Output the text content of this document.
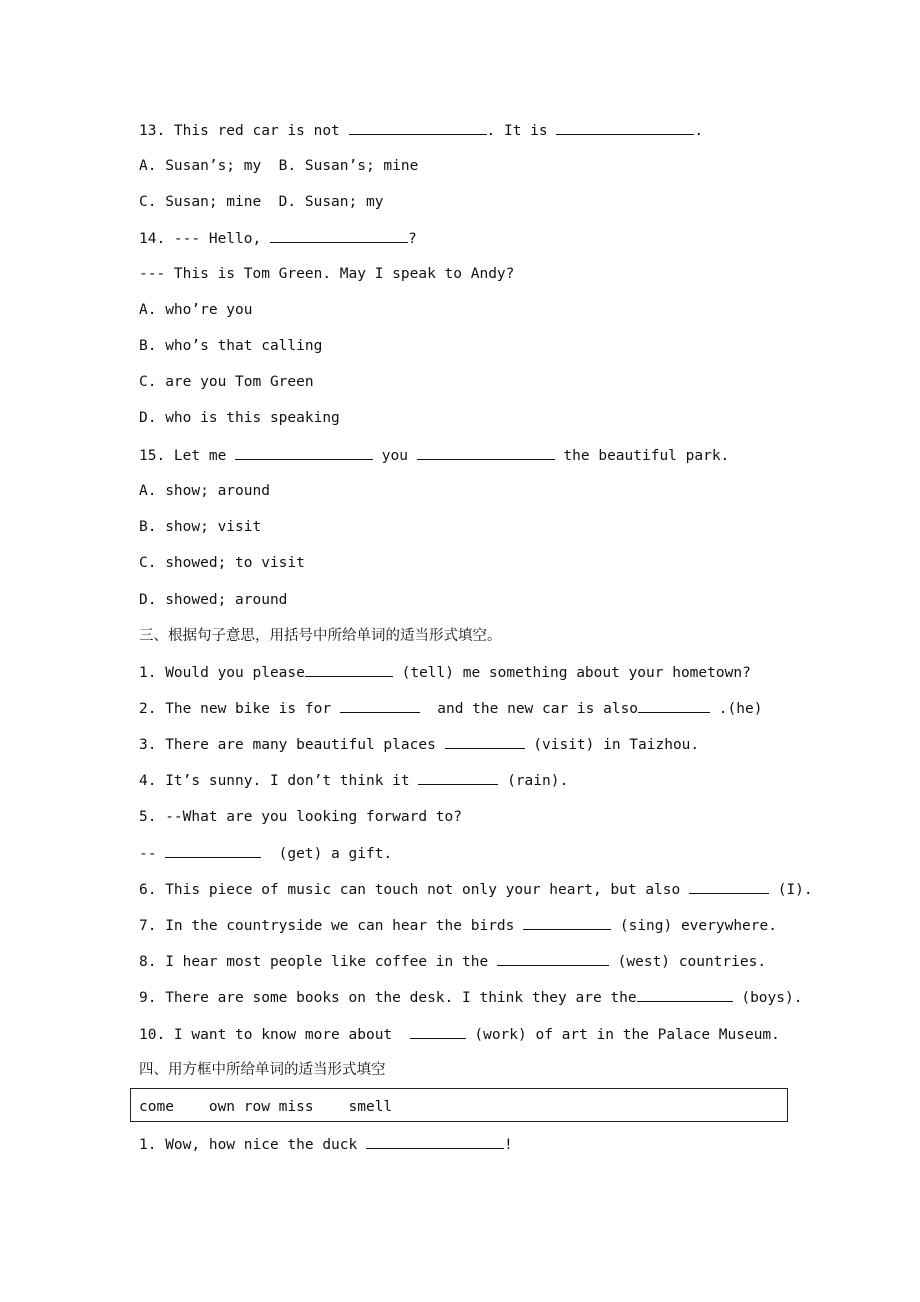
13. This red car is not	. It is	.
A. Susan’s; my  B. Susan’s; mine
C. Susan; mine  D. Susan; my
14. --- Hello,	?
--- This is Tom Green. May I speak to Andy?
A. who’re you
B. who’s that calling
C. are you Tom Green
D. who is this speaking
15. Let me	you	the beautiful park.
A. show; around
B. show; visit
C. showed; to visit
D. showed; around
三、根据句子意思，用括号中所给单词的适当形式填空。
1. Would you please	(tell) me something about your hometown?
2. The new bike is for	and the new car is also	.(he)
3. There are many beautiful places	(visit) in Taizhou.
4. It’s sunny. I don’t think it	(rain).
5. --What are you looking forward to?
--	(get) a gift.
6. This piece of music can touch not only your heart, but also	(I).
7. In the countryside we can hear the birds	(sing) everywhere.
8. I hear most people like coffee in the	(west) countries.
9. There are some books on the desk. I think they are the	(boys).
10. I want to know more about	(work) of art in the Palace Museum.
四、用方框中所给单词的适当形式填空
come    own row miss    smell
1. Wow, how nice the duck	!
